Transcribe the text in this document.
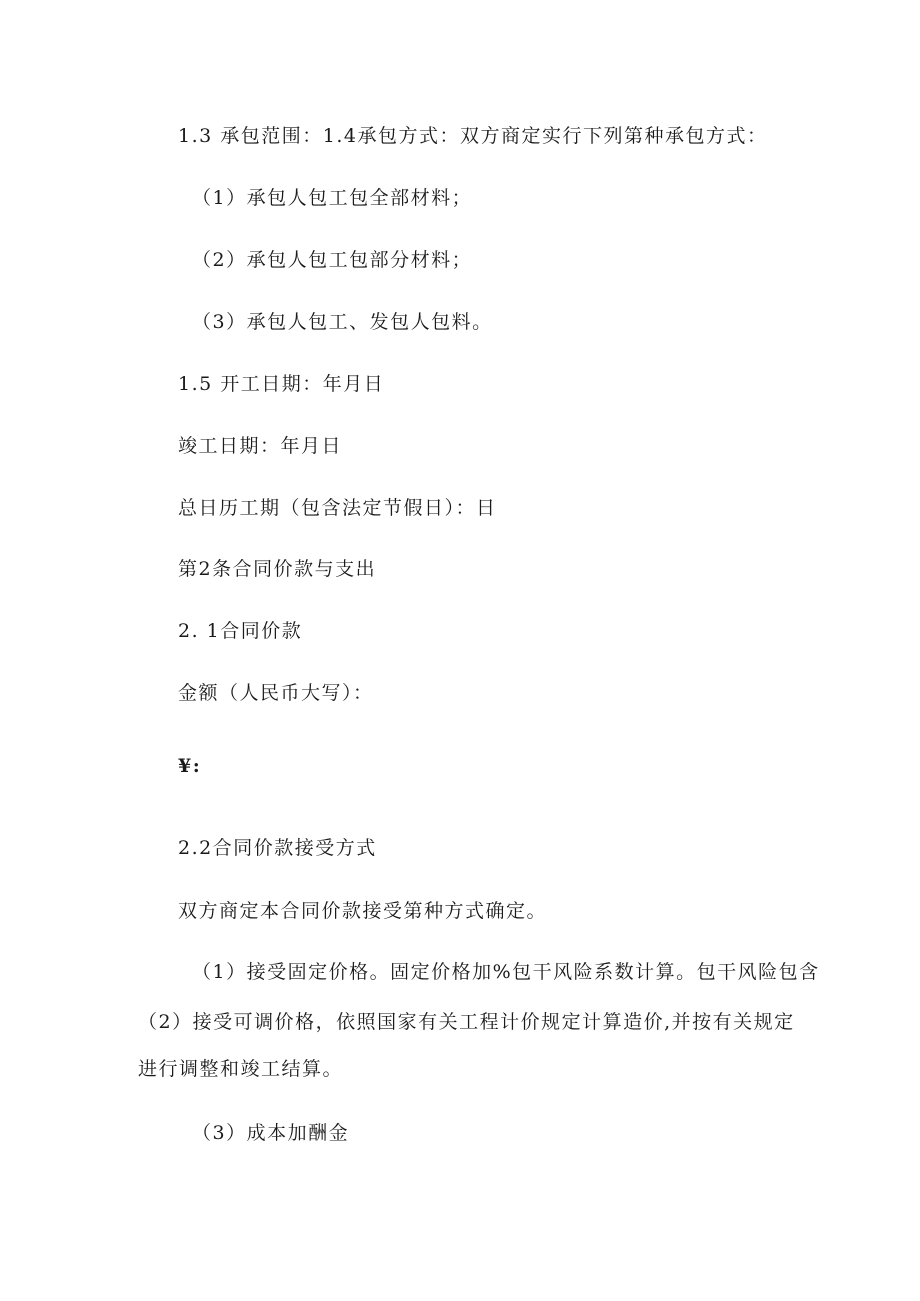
1.3 承包范围：1.4承包方式：双方商定实行下列第种承包方式：
（1）承包人包工包全部材料；
（2）承包人包工包部分材料；
（3）承包人包工、发包人包料。
1.5 开工日期：年月日
竣工日期：年月日
总日历工期（包含法定节假日）：日
第2条合同价款与支出
2. 1合同价款
金额（人民币大写）：
¥:
2.2合同价款接受方式
双方商定本合同价款接受第种方式确定。
（1）接受固定价格。固定价格加%包干风险系数计算。包干风险包含
（2）接受可调价格，依照国家有关工程计价规定计算造价,并按有关规定
进行调整和竣工结算。
（3）成本加酬金
